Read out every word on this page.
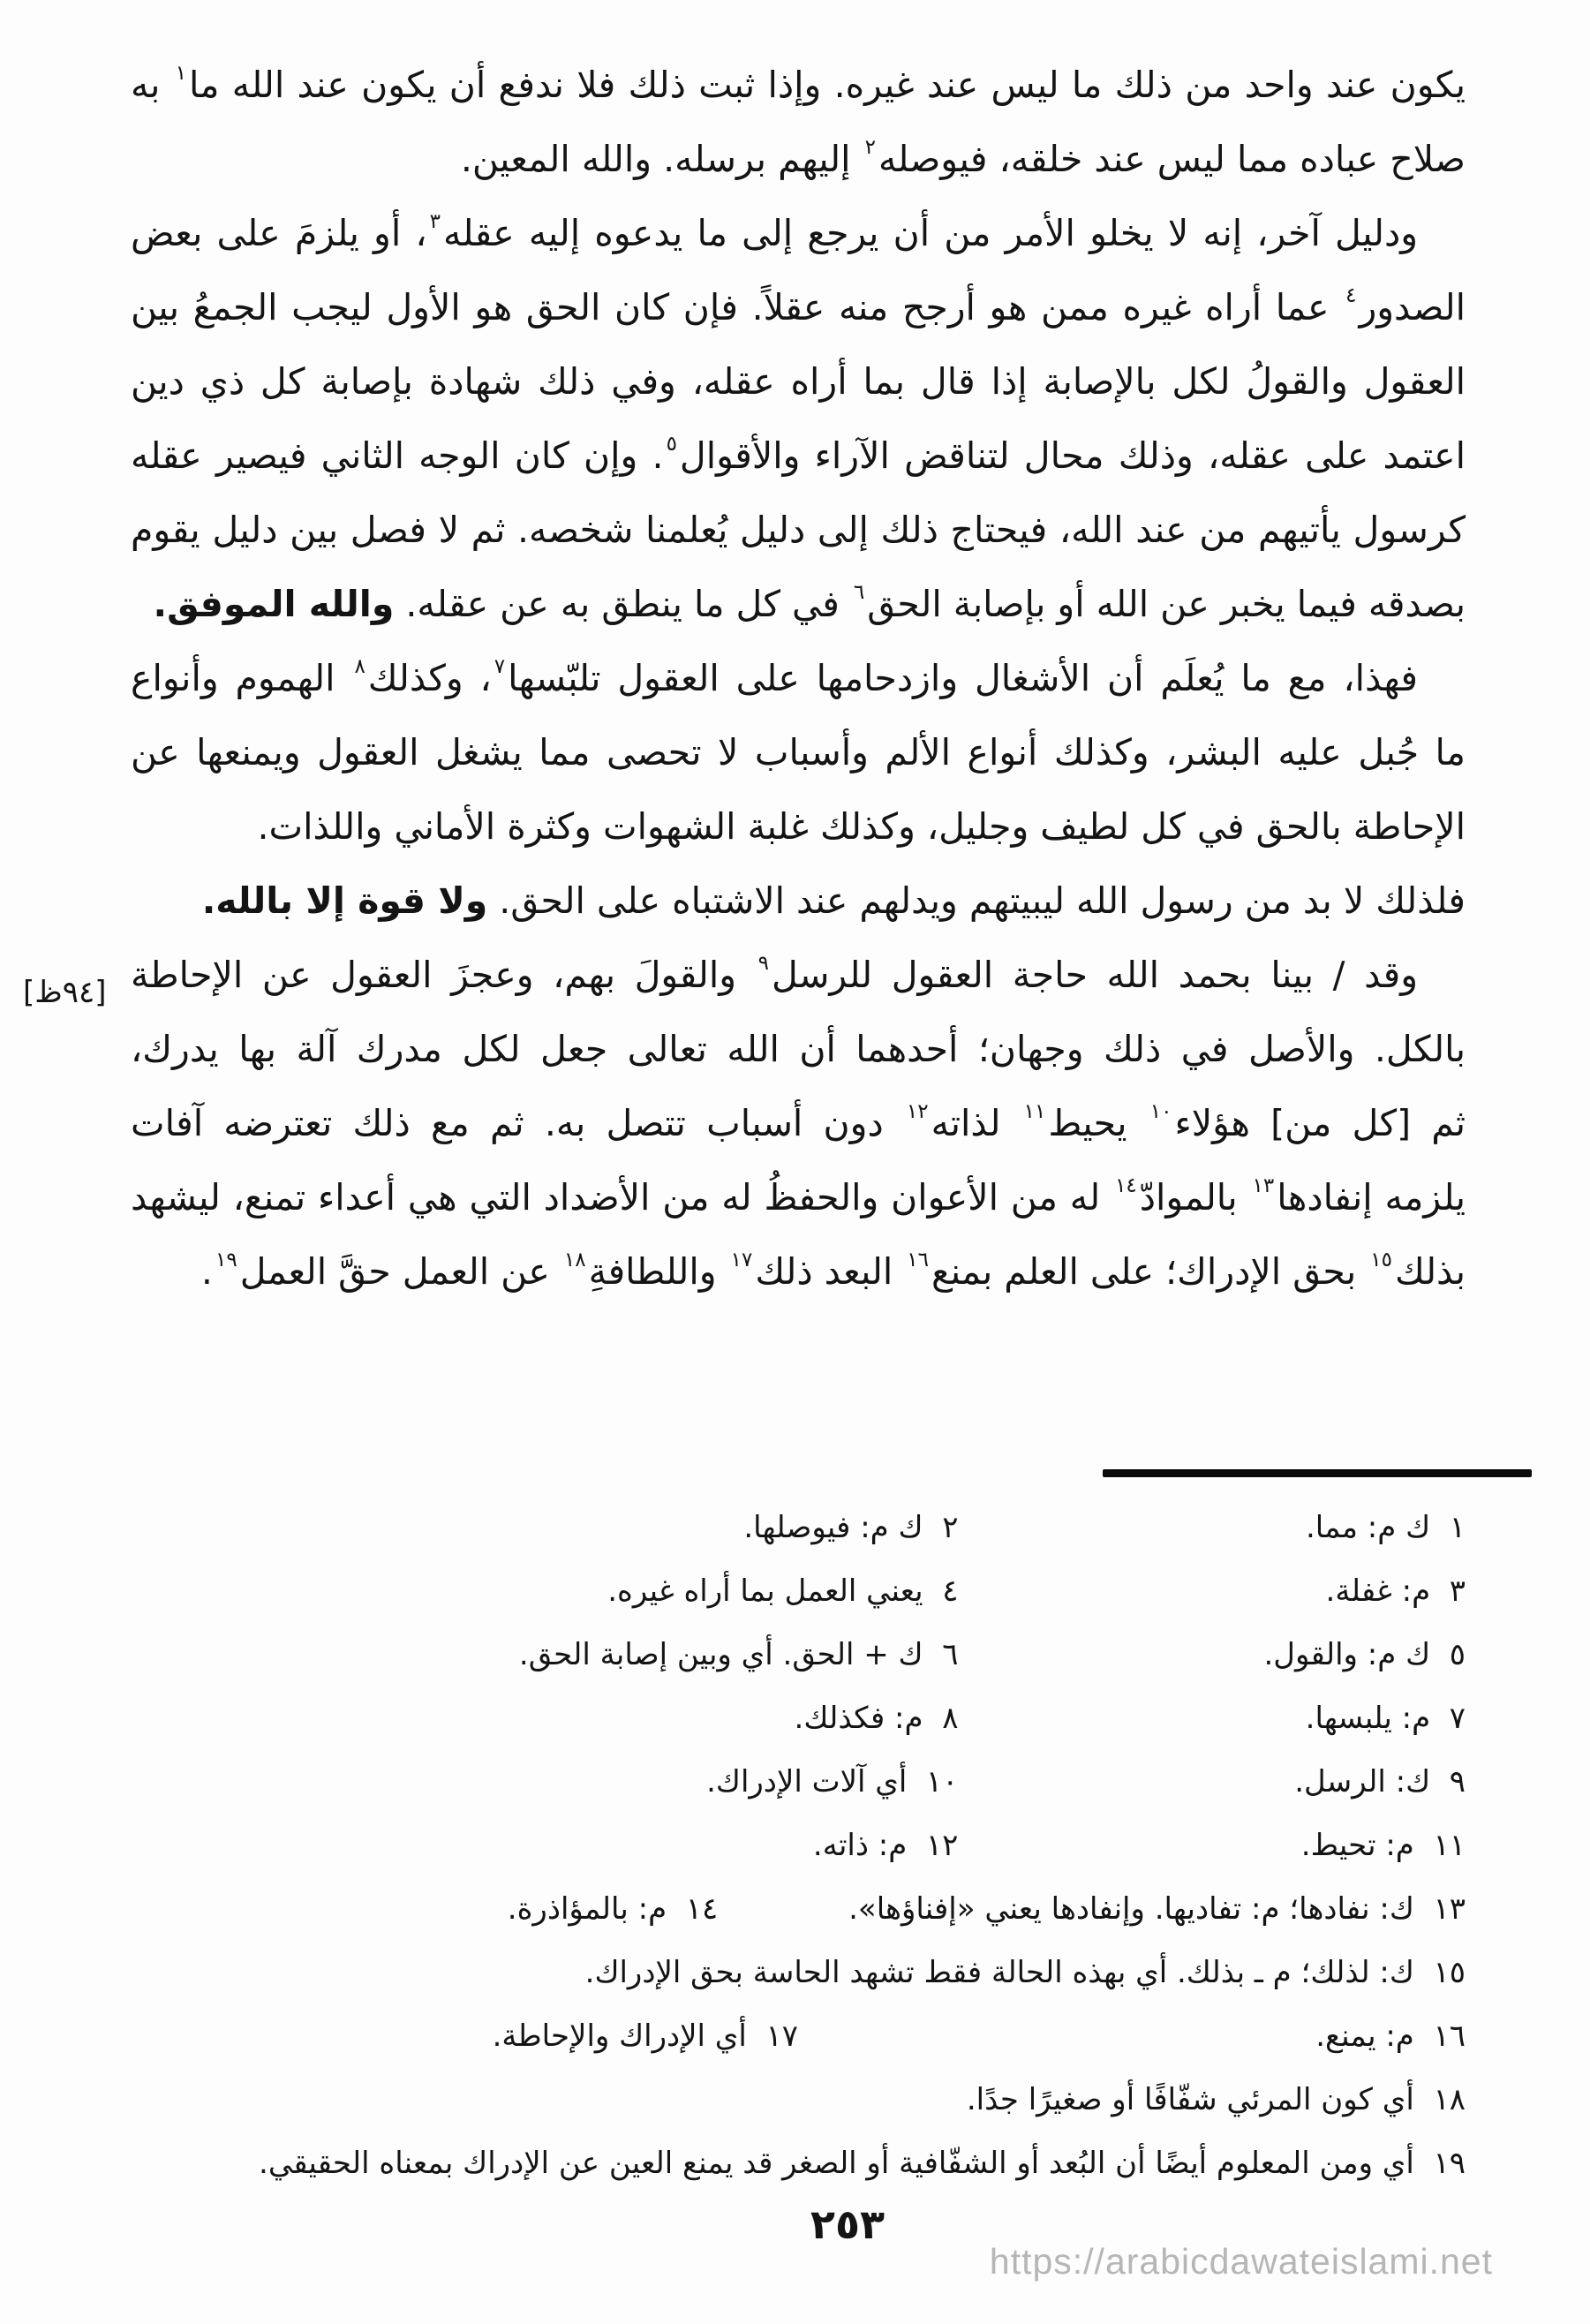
يكون عند واحد من ذلك ما ليس عند غيره. وإذا ثبت ذلك فلا ندفع أن يكون عند الله ما$^١$ به
صلاح عباده مما ليس عند خلقه، فيوصله$^٢$ إليهم برسله. والله المعين.
ودليل آخر، إنه لا يخلو الأمر من أن يرجع إلى ما يدعوه إليه عقله$^٣$، أو يلزمَ على بعض
الصدور$^٤$ عما أراه غيره ممن هو أرجح منه عقلاً. فإن كان الحق هو الأول ليجب الجمعُ بين
العقول والقولُ لكل بالإصابة إذا قال بما أراه عقله، وفي ذلك شهادة بإصابة كل ذي دين
اعتمد على عقله، وذلك محال لتناقض الآراء والأقوال$^٥$. وإن كان الوجه الثاني فيصير عقله
كرسول يأتيهم من عند الله، فيحتاج ذلك إلى دليل يُعلمنا شخصه. ثم لا فصل بين دليل يقوم
بصدقه فيما يخبر عن الله أو بإصابة الحق$^٦$ في كل ما ينطق به عن عقله. والله الموفق.
فهذا، مع ما يُعلَم أن الأشغال وازدحامها على العقول تلبّسها$^٧$، وكذلك$^٨$ الهموم وأنواع
ما جُبل عليه البشر، وكذلك أنواع الألم وأسباب لا تحصى مما يشغل العقول ويمنعها عن
الإحاطة بالحق في كل لطيف وجليل، وكذلك غلبة الشهوات وكثرة الأماني واللذات.
فلذلك لا بد من رسول الله ليبيتهم ويدلهم عند الاشتباه على الحق. ولا قوة إلا بالله.
وقد / بينا بحمد الله حاجة العقول للرسل$^٩$ والقولَ بهم، وعجزَ العقول عن الإحاطة
بالكل. والأصل في ذلك وجهان؛ أحدهما أن الله تعالى جعل لكل مدرك آلة بها يدرك،
ثم [كل من] هؤلاء$^{١٠}$ يحيط$^{١١}$ لذاته$^{١٢}$ دون أسباب تتصل به. ثم مع ذلك تعترضه آفات
يلزمه إنفادها$^{١٣}$ بالموادّ$^{١٤}$ له من الأعوان والحفظُ له من الأضداد التي هي أعداء تمنع، ليشهد
بذلك$^{١٥}$ بحق الإدراك؛ على العلم بمنع$^{١٦}$ البعد ذلك$^{١٧}$ واللطافةِ$^{١٨}$ عن العمل حقَّ العمل$^{١٩}$.
[٩٤ظ]
١  ك م: مما.
٢  ك م: فيوصلها.
٣  م: غفلة.
٤  يعني العمل بما أراه غيره.
٥  ك م: والقول.
٦  ك + الحق. أي وبين إصابة الحق.
٧  م: يلبسها.
٨  م: فكذلك.
٩  ك: الرسل.
١٠  أي آلات الإدراك.
١١  م: تحيط.
١٢  م: ذاته.
١٣  ك: نفادها؛ م: تفاديها. وإنفادها يعني «إفناؤها».
١٤  م: بالمؤاذرة.
١٥  ك: لذلك؛ م ـ بذلك. أي بهذه الحالة فقط تشهد الحاسة بحق الإدراك.
١٦  م: يمنع.
١٧  أي الإدراك والإحاطة.
١٨  أي كون المرئي شفّافًا أو صغيرًا جدًا.
١٩  أي ومن المعلوم أيضًا أن البُعد أو الشفّافية أو الصغر قد يمنع العين عن الإدراك بمعناه الحقيقي.
٢٥٣
https://arabicdawateislami.net
